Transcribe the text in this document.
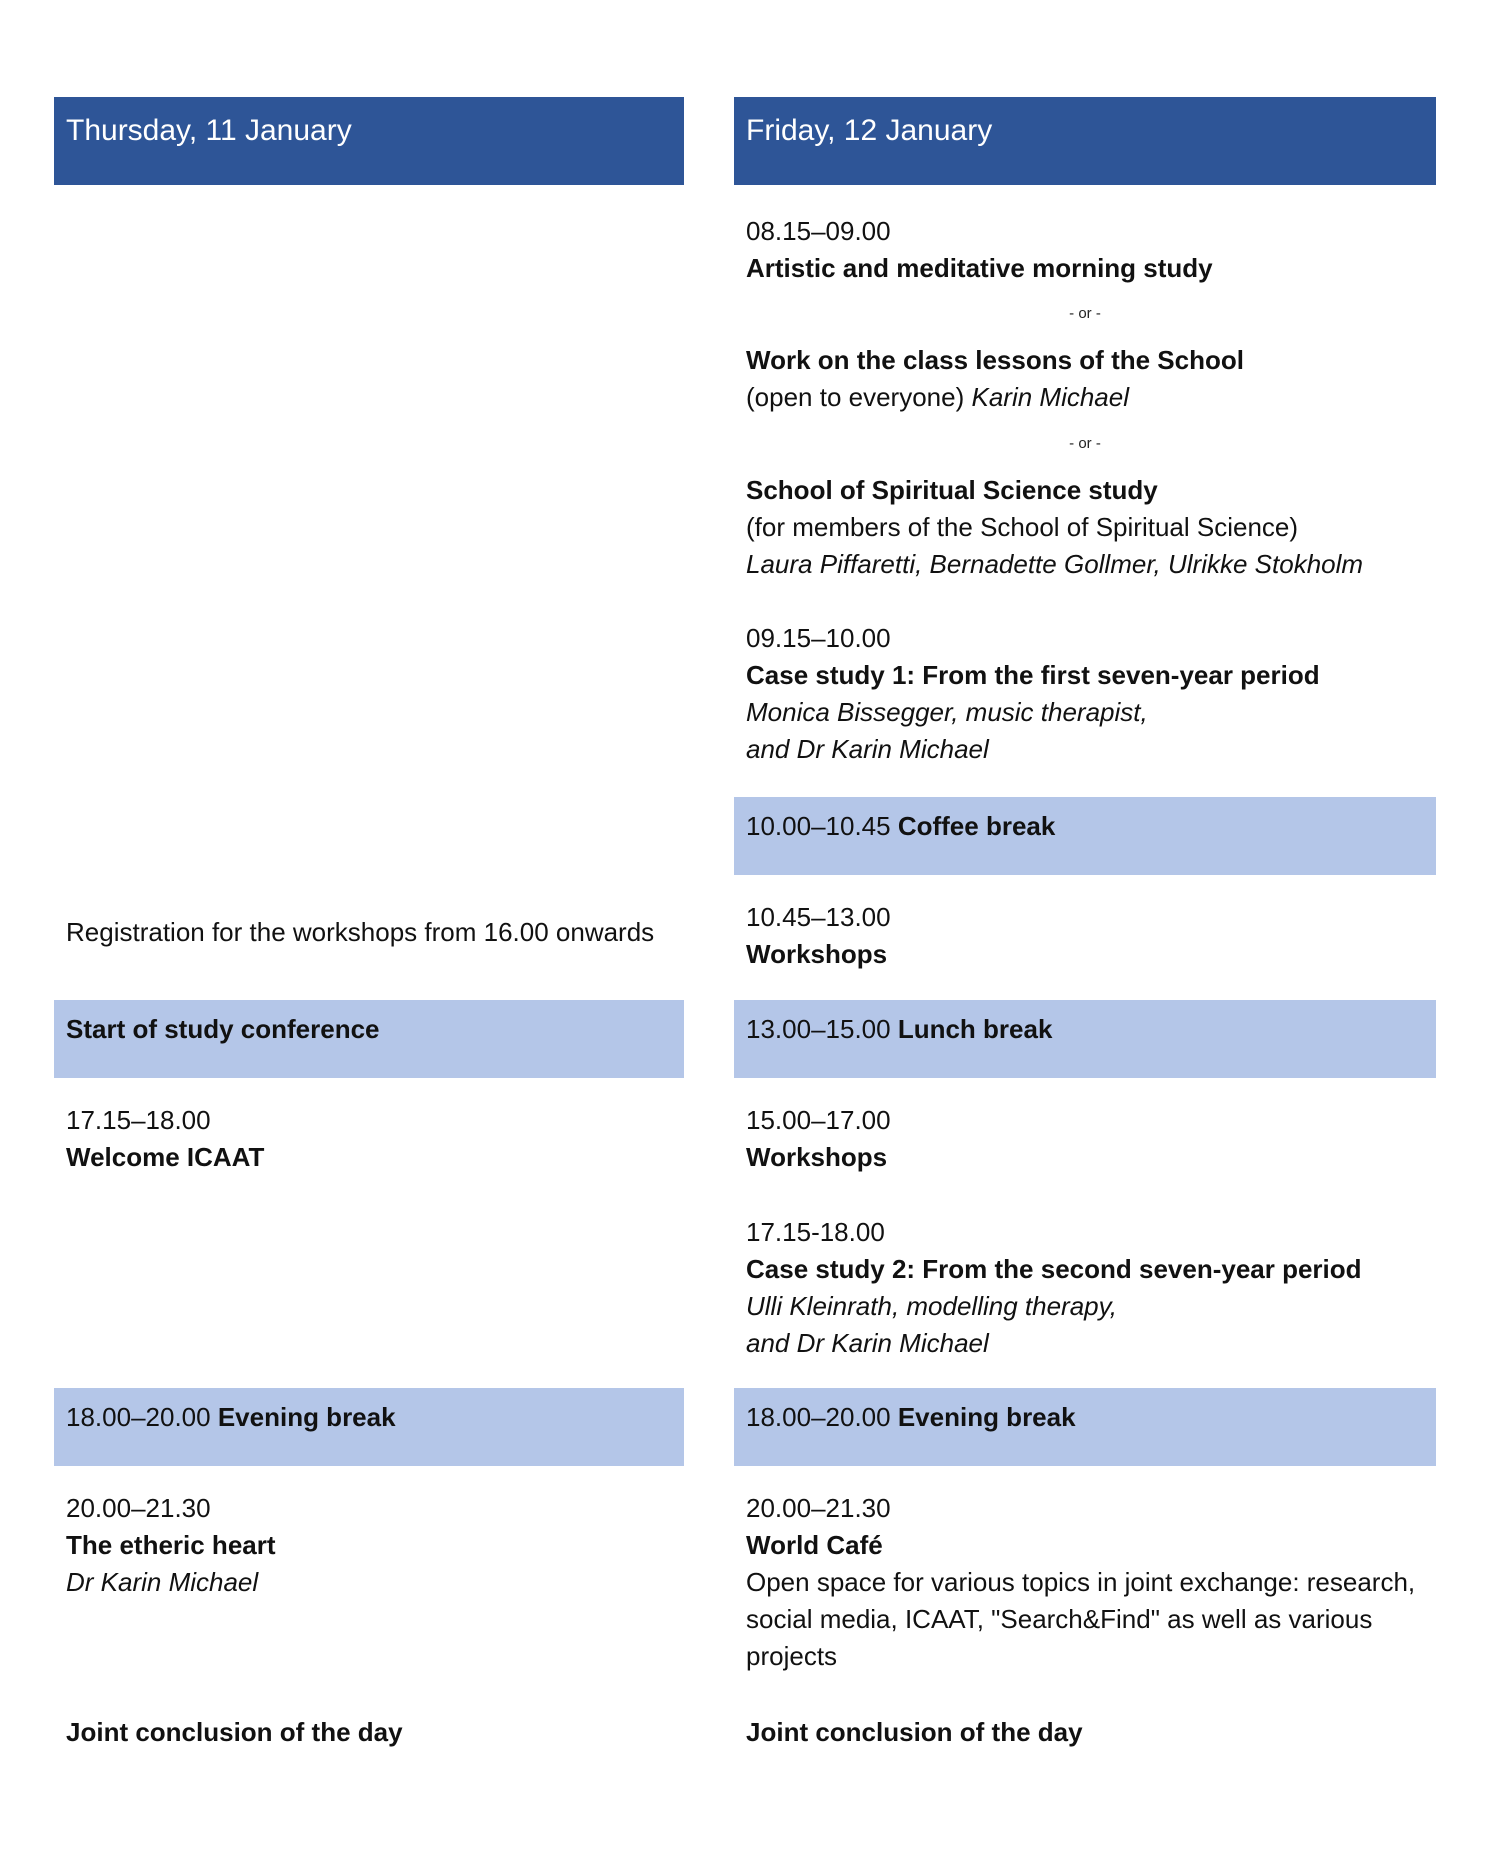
Thursday, 11 January	Friday, 12 January
Registration for the workshops from 16.00 onwards
Start of study conference
17.15–18.00
Welcome ICAAT
18.00–20.00 Evening break
20.00–21.30
The etheric heart
Dr Karin Michael
Joint conclusion of the day
08.15–09.00
Artistic and meditative morning study
- or -
Work on the class lessons of the School
(open to everyone) Karin Michael
- or -
School of Spiritual Science study
(for members of the School of Spiritual Science)
Laura Piffaretti, Bernadette Gollmer, Ulrikke Stokholm
09.15–10.00
Case study 1: From the first seven-year period
Monica Bissegger, music therapist,
and Dr Karin Michael
10.00–10.45 Coffee break
10.45–13.00
Workshops
13.00–15.00 Lunch break
15.00–17.00
Workshops
17.15-18.00
Case study 2: From the second seven-year period
Ulli Kleinrath, modelling therapy,
and Dr Karin Michael
18.00–20.00 Evening break
20.00–21.30
World Café
Open space for various topics in joint exchange: research, social media, ICAAT, "Search&Find" as well as various projects
Joint conclusion of the day
